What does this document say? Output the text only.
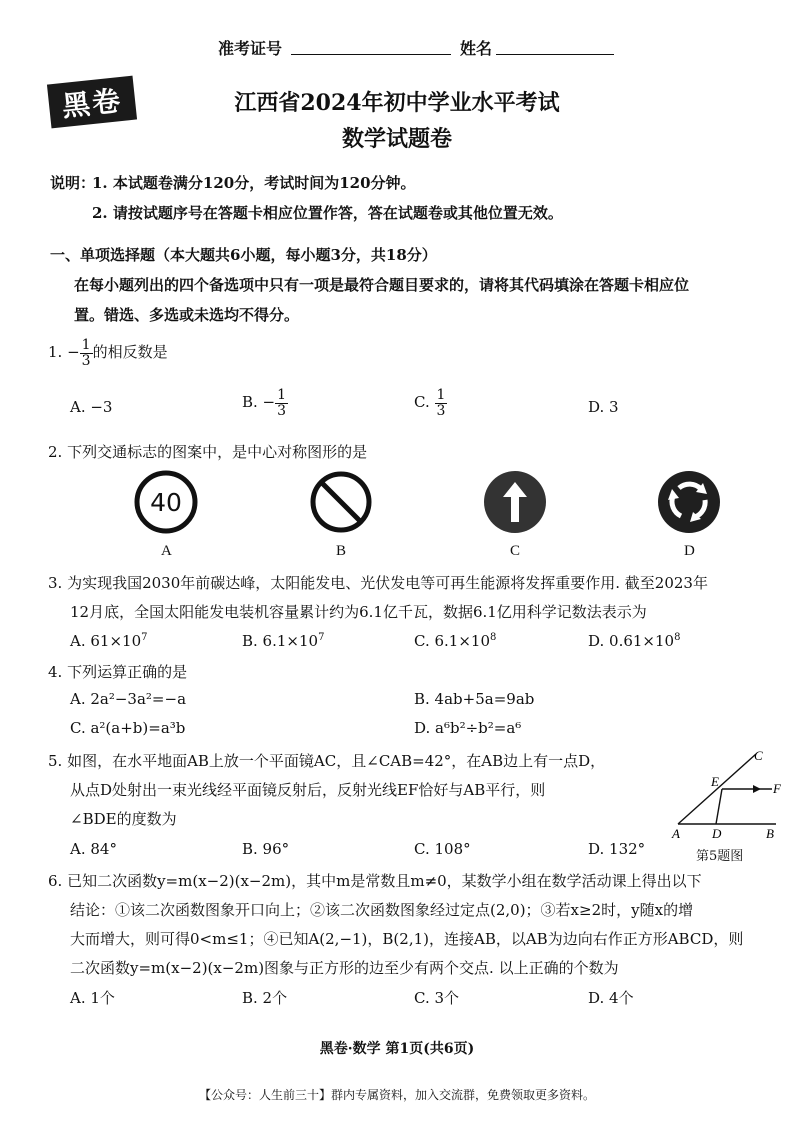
准考证号	姓名
黑卷	江西省2024年初中学业水平考试
数学试题卷
说明：
1. 本试题卷满分120分，考试时间为120分钟。
2. 请按试题序号在答题卡相应位置作答，答在试题卷或其他位置无效。
一、单项选择题（本大题共6小题，每小题3分，共18分）
在每小题列出的四个备选项中只有一项是最符合题目要求的，请将其代码填涂在答题卡相应位
置。错选、多选或未选均不得分。
1. − $\frac{1}{3}$ 的相反数是
A. −3	B. − $\frac{1}{3}$	C. $\frac{1}{3}$	D. 3
2. 下列交通标志的图案中，是中心对称图形的是
40
A	B	C	D
3. 为实现我国2030年前碳达峰，太阳能发电、光伏发电等可再生能源将发挥重要作用. 截至2023年
12月底，全国太阳能发电装机容量累计约为6.1亿千瓦，数据6.1亿用科学记数法表示为
A. $61\times 10^7$	B. $6.1\times 10^7$	C. $6.1\times 10^8$	D. $0.61\times 10^8$
4. 下列运算正确的是
A. 2a²−3a²=−a	B. 4ab+5a=9ab
C. a²(a+b)=a³b	D. a⁶b²÷b²=a⁶
5. 如图，在水平地面AB上放一个平面镜AC，且∠CAB=42°，在AB边上有一点D，
从点D处射出一束光线经平面镜反射后，反射光线EF恰好与AB平行，则
∠BDE的度数为
A. 84°	B. 96°	C. 108°	D. 132°
A D	B
E	F
C
第5题图
6. 已知二次函数y=m(x−2)(x−2m)，其中m是常数且m≠0，某数学小组在数学活动课上得出以下
结论：①该二次函数图象开口向上；②该二次函数图象经过定点(2,0)；③若x≥2时，y随x的增
大而增大，则可得0<m≤1；④已知A(2,−1)，B(2,1)，连接AB，以AB为边向右作正方形ABCD，则
二次函数y=m(x−2)(x−2m)图象与正方形的边至少有两个交点. 以上正确的个数为
A. 1个	B. 2个	C. 3个	D. 4个
黑卷·数学 第1页(共6页)
【公众号：人生前三十】群内专属资料，加入交流群，免费领取更多资料。
